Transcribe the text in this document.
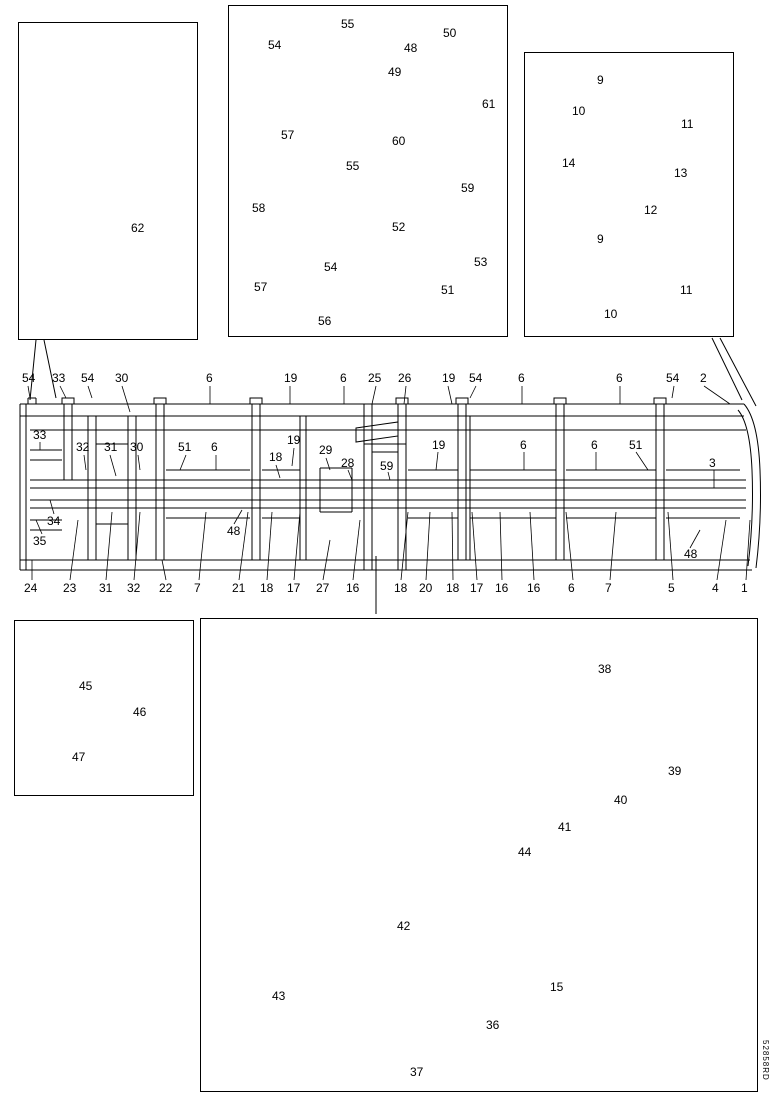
62
54
55
57
48
50
49
61
60
59
55
58
54
57
56
52
53
51
9
10
11
14
13
12
9
11
10
54 33 54 30	6	19	6 25 26	19 54	6	6	54 2
33
32 31 30	51 6	19
18	29
28 59
19	6	6	51
3
34
35
48
48
24 23 31 32 22 7	21 18 17 27 16	18 20 18 17 16 16 6	7	5	4 1
45
46
47
38
39
40
41
44
42
43
15
36
37	52858RD
